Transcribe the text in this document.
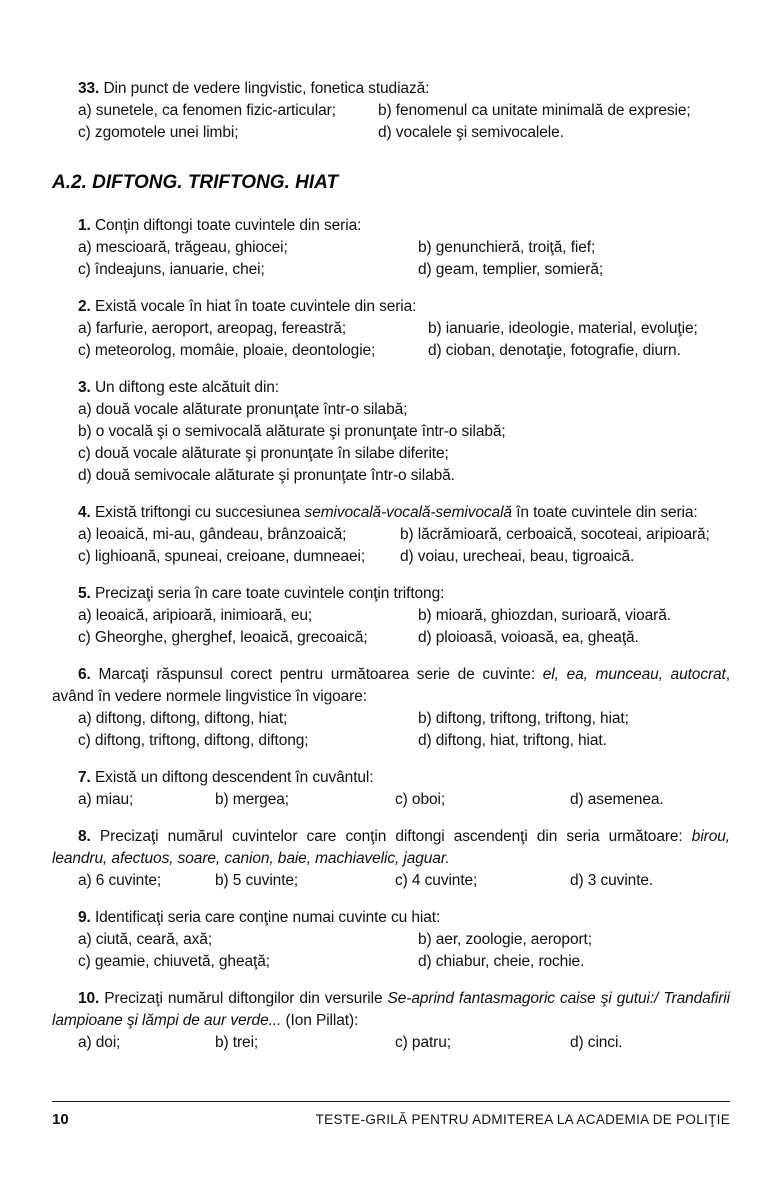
33. Din punct de vedere lingvistic, fonetica studiază:

a) sunetele, ca fenomen fizic-articular;	b) fenomenul ca unitate minimală de expresie;
c) zgomotele unei limbi;	d) vocalele şi semivocalele.
A.2. DIFTONG. TRIFTONG. HIAT

1. Conţin diftongi toate cuvintele din seria:

a) mescioară, trăgeau, ghiocei;	b) genunchieră, troiţă, fief;
c) îndeajuns, ianuarie, chei;	d) geam, templier, somieră;

2. Există vocale în hiat în toate cuvintele din seria:

a) farfurie, aeroport, areopag, fereastră;	b) ianuarie, ideologie, material, evoluţie;
c) meteorolog, momâie, ploaie, deontologie;	d) cioban, denotaţie, fotografie, diurn.

3. Un diftong este alcătuit din:

a) două vocale alăturate pronunţate într-o silabă;
b) o vocală şi o semivocală alăturate şi pronunţate într-o silabă;
c) două vocale alăturate şi pronunţate în silabe diferite;
d) două semivocale alăturate şi pronunţate într-o silabă.

4. Există triftongi cu succesiunea semivocală-vocală-semivocală în toate cuvintele din seria:

a) leoaică, mi-au, gândeau, brânzoaică;	b) lăcrămioară, cerboaică, socoteai, aripioară;
c) lighioană, spuneai, creioane, dumneaei;	d) voiau, urecheai, beau, tigroaică.

5. Precizaţi seria în care toate cuvintele conţin triftong:

a) leoaică, aripioară, inimioară, eu;	b) mioară, ghiozdan, surioară, vioară.
c) Gheorghe, gherghef, leoaică, grecoaică;	d) ploioasă, voioasă, ea, gheaţă.

6. Marcaţi răspunsul corect pentru următoarea serie de cuvinte: el, ea, munceau, autocrat, având în vedere normele lingvistice în vigoare:

a) diftong, diftong, diftong, hiat;	b) diftong, triftong, triftong, hiat;
c) diftong, triftong, diftong, diftong;	d) diftong, hiat, triftong, hiat.

7. Există un diftong descendent în cuvântul:

a) miau;	b) mergea;	c) oboi;	d) asemenea.

8. Precizaţi numărul cuvintelor care conţin diftongi ascendenţi din seria următoare: birou, leandru, afectuos, soare, canion, baie, machiavelic, jaguar.

a) 6 cuvinte;	b) 5 cuvinte;	c) 4 cuvinte;	d) 3 cuvinte.

9. Identificaţi seria care conţine numai cuvinte cu hiat:

a) ciută, ceară, axă;	b) aer, zoologie, aeroport;
c) geamie, chiuvetă, gheaţă;	d) chiabur, cheie, rochie.

10. Precizaţi numărul diftongilor din versurile Se-aprind fantasmagoric caise şi gutui:/ Trandafirii lampioane şi lămpi de aur verde... (Ion Pillat):

a) doi;	b) trei;	c) patru;	d) cinci.
10	TESTE-GRILĂ PENTRU ADMITEREA LA ACADEMIA DE POLIŢIE
